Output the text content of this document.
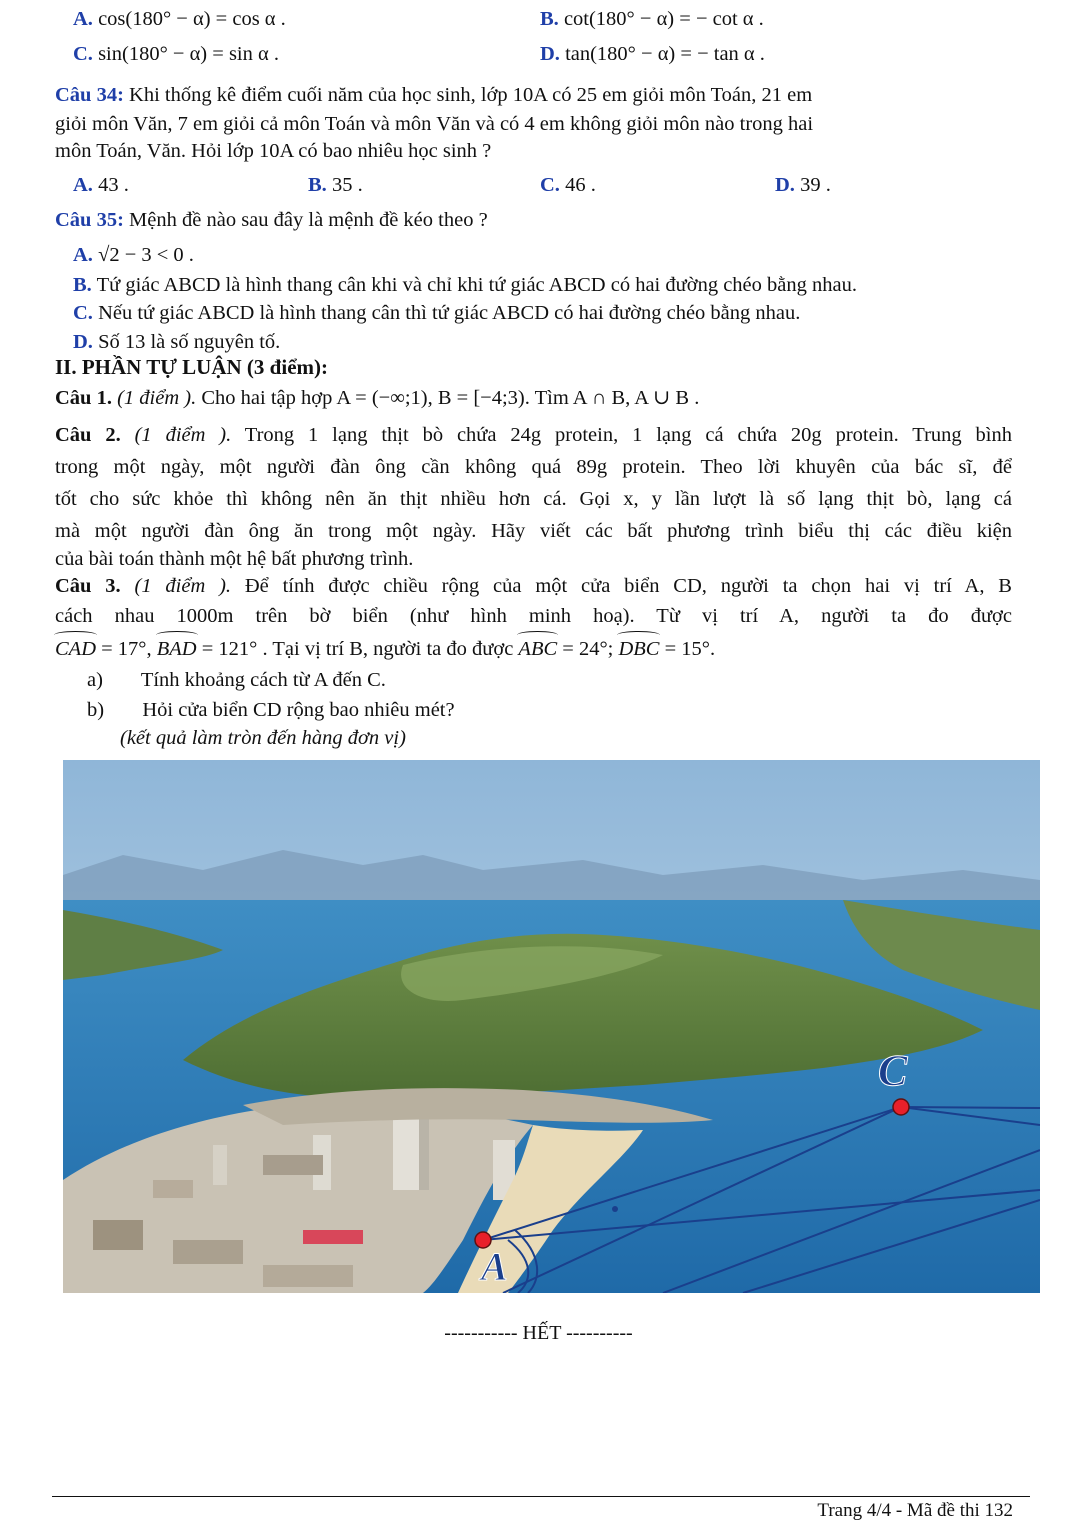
A. cos(180° − α) = cos α .	B. cot(180° − α) = − cot α .
C. sin(180° − α) = sin α .	D. tan(180° − α) = − tan α .
Câu 34: Khi thống kê điểm cuối năm của học sinh, lớp 10A có 25 em giỏi môn Toán, 21 em
giỏi môn Văn, 7 em giỏi cả môn Toán và môn Văn và có 4 em không giỏi môn nào trong hai
môn Toán, Văn. Hỏi lớp 10A có bao nhiêu học sinh ?
A. 43 .	B. 35 .	C. 46 .	D. 39 .
Câu 35: Mệnh đề nào sau đây là mệnh đề kéo theo ?
A. √2 − 3 < 0 .
B. Tứ giác ABCD là hình thang cân khi và chỉ khi tứ giác ABCD có hai đường chéo bằng nhau.
C. Nếu tứ giác ABCD là hình thang cân thì tứ giác ABCD có hai đường chéo bằng nhau.
D. Số 13 là số nguyên tố.
II. PHẦN TỰ LUẬN (3 điểm):
Câu 1. (1 điểm ). Cho hai tập hợp A = (−∞;1), B = [−4;3). Tìm A ∩ B, A ∪ B .
Câu 2. (1 điểm ). Trong 1 lạng thịt bò chứa 24g protein, 1 lạng cá chứa 20g protein. Trung bình
trong một ngày, một người đàn ông cần không quá 89g protein. Theo lời khuyên của bác sĩ, để
tốt cho sức khỏe thì không nên ăn thịt nhiều hơn cá. Gọi x, y lần lượt là số lạng thịt bò, lạng cá
mà một người đàn ông ăn trong một ngày. Hãy viết các bất phương trình biểu thị các điều kiện
của bài toán thành một hệ bất phương trình.
Câu 3. (1 điểm ). Để tính được chiều rộng của một cửa biển CD, người ta chọn hai vị trí A, B
cách nhau 1000m trên bờ biển (như hình minh hoạ). Từ vị trí A, người ta đo được
CAD = 17°, BAD = 121° . Tại vị trí B, người ta đo được ABC = 24°; DBC = 15°.
a) Tính khoảng cách từ A đến C.
b) Hỏi cửa biển CD rộng bao nhiêu mét?
(kết quả làm tròn đến hàng đơn vị)
C
A
----------- HẾT ----------
Trang 4/4 - Mã đề thi 132
